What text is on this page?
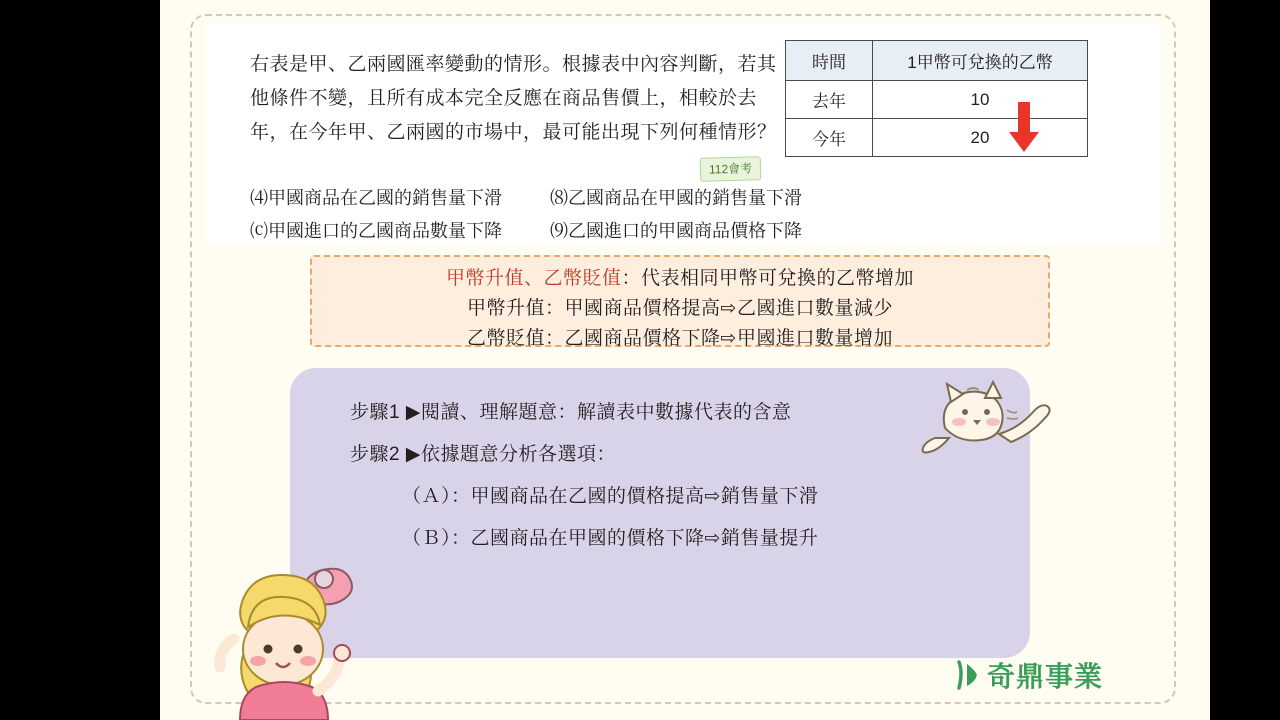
右表是甲、乙兩國匯率變動的情形。根據表中內容判斷，若其他條件不變，且所有成本完全反應在商品售價上，相較於去年，在今年甲、乙兩國的市場中，最可能出現下列何種情形？
112會考
⑷甲國商品在乙國的銷售量下滑	⑻乙國商品在甲國的銷售量下滑
⒞甲國進口的乙國商品數量下降	⑼乙國進口的甲國商品價格下降
時間	1甲幣可兌換的乙幣
去年	10
今年	20
甲幣升值、乙幣貶值：代表相同甲幣可兌換的乙幣增加
甲幣升值：甲國商品價格提高⇨乙國進口數量減少
乙幣貶值：乙國商品價格下降⇨甲國進口數量增加
步驟1 ▶閱讀、理解題意：解讀表中數據代表的含意
步驟2 ▶依據題意分析各選項：
（Ａ）：甲國商品在乙國的價格提高⇨銷售量下滑
（Ｂ）：乙國商品在甲國的價格下降⇨銷售量提升
奇鼎事業
